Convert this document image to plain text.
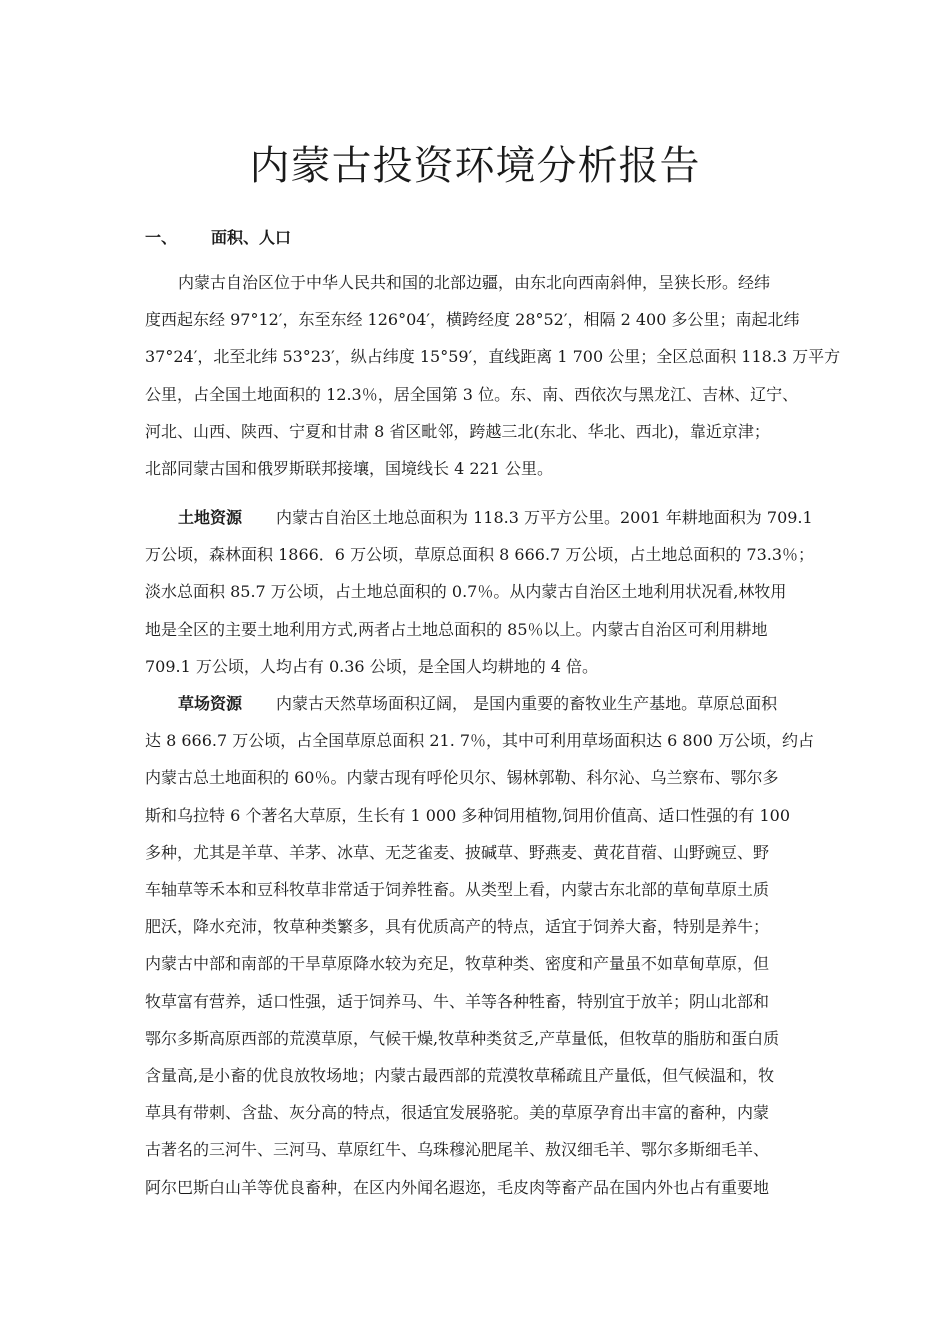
内蒙古投资环境分析报告
一、 面积、人口
内蒙古自治区位于中华人民共和国的北部边疆，由东北向西南斜伸，呈狭长形。经纬
度西起东经 97°12′，东至东经 126°04′，横跨经度 28°52′，相隔 2 400 多公里；南起北纬
37°24′，北至北纬 53°23′，纵占纬度 15°59′，直线距离 1 700 公里；全区总面积 118.3 万平方
公里，占全国土地面积的 12.3％，居全国第 3 位。东、南、西依次与黑龙江、吉林、辽宁、
河北、山西、陕西、宁夏和甘肃 8 省区毗邻，跨越三北(东北、华北、西北)，靠近京津；
北部同蒙古国和俄罗斯联邦接壤，国境线长 4 221 公里。
土地资源 内蒙古自治区土地总面积为 118.3 万平方公里。2001 年耕地面积为 709.1
万公顷，森林面积 1866．6 万公顷，草原总面积 8 666.7 万公顷，占土地总面积的 73.3％；
淡水总面积 85.7 万公顷，占土地总面积的 0.7％。从内蒙古自治区土地利用状况看,林牧用
地是全区的主要土地利用方式,两者占土地总面积的 85％以上。内蒙古自治区可利用耕地
709.1 万公顷，人均占有 0.36 公顷，是全国人均耕地的 4 倍。
草场资源 内蒙古天然草场面积辽阔， 是国内重要的畜牧业生产基地。草原总面积
达 8 666.7 万公顷，占全国草原总面积 21. 7％，其中可利用草场面积达 6 800 万公顷，约占
内蒙古总土地面积的 60％。内蒙古现有呼伦贝尔、锡林郭勒、科尔沁、乌兰察布、鄂尔多
斯和乌拉特 6 个著名大草原，生长有 1 000 多种饲用植物,饲用价值高、适口性强的有 100
多种，尤其是羊草、羊茅、冰草、无芝雀麦、披碱草、野燕麦、黄花苜蓿、山野豌豆、野
车轴草等禾本和豆科牧草非常适于饲养牲畜。从类型上看，内蒙古东北部的草甸草原土质
肥沃，降水充沛，牧草种类繁多，具有优质高产的特点，适宜于饲养大畜，特别是养牛；
内蒙古中部和南部的干旱草原降水较为充足，牧草种类、密度和产量虽不如草甸草原，但
牧草富有营养，适口性强，适于饲养马、牛、羊等各种牲畜，特别宜于放羊；阴山北部和
鄂尔多斯高原西部的荒漠草原，气候干燥,牧草种类贫乏,产草量低，但牧草的脂肪和蛋白质
含量高,是小畜的优良放牧场地；内蒙古最西部的荒漠牧草稀疏且产量低，但气候温和，牧
草具有带刺、含盐、灰分高的特点，很适宜发展骆驼。美的草原孕育出丰富的畜种，内蒙
古著名的三河牛、三河马、草原红牛、乌珠穆沁肥尾羊、敖汉细毛羊、鄂尔多斯细毛羊、
阿尔巴斯白山羊等优良畜种，在区内外闻名遐迩，毛皮肉等畜产品在国内外也占有重要地
